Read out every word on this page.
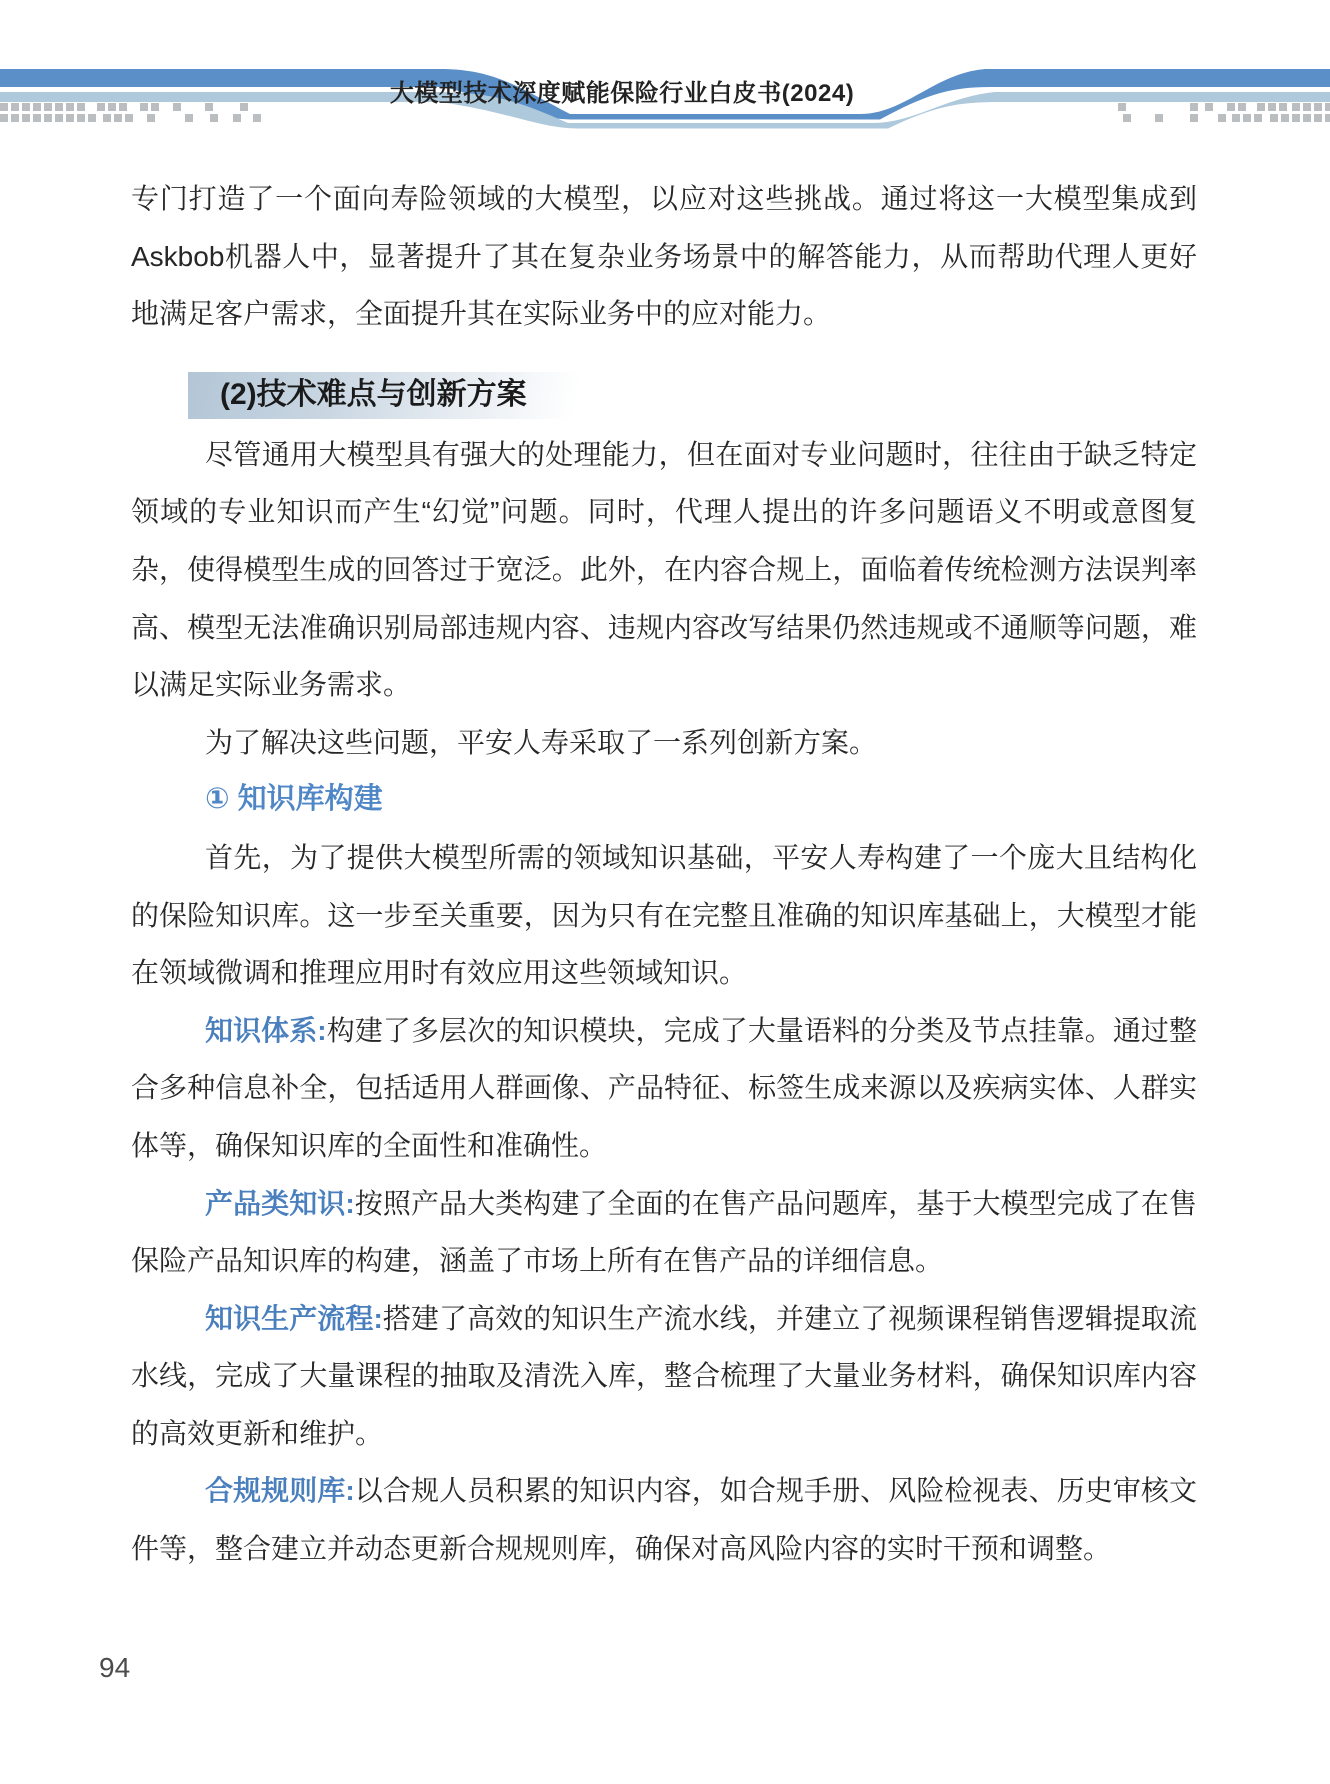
大模型技术深度赋能保险行业白皮书(2024)

专门打造了一个面向寿险领域的大模型，以应对这些挑战。通过将这一大模型集成到Askbob机器人中，显著提升了其在复杂业务场景中的解答能力，从而帮助代理人更好地满足客户需求，全面提升其在实际业务中的应对能力。

(2)技术难点与创新方案

尽管通用大模型具有强大的处理能力，但在面对专业问题时，往往由于缺乏特定领域的专业知识而产生“幻觉”问题。同时，代理人提出的许多问题语义不明或意图复杂，使得模型生成的回答过于宽泛。此外，在内容合规上，面临着传统检测方法误判率高、模型无法准确识别局部违规内容、违规内容改写结果仍然违规或不通顺等问题，难以满足实际业务需求。

为了解决这些问题，平安人寿采取了一系列创新方案。

① 知识库构建

首先，为了提供大模型所需的领域知识基础，平安人寿构建了一个庞大且结构化的保险知识库。这一步至关重要，因为只有在完整且准确的知识库基础上，大模型才能在领域微调和推理应用时有效应用这些领域知识。

知识体系:构建了多层次的知识模块，完成了大量语料的分类及节点挂靠。通过整合多种信息补全，包括适用人群画像、产品特征、标签生成来源以及疾病实体、人群实体等，确保知识库的全面性和准确性。

产品类知识:按照产品大类构建了全面的在售产品问题库，基于大模型完成了在售保险产品知识库的构建，涵盖了市场上所有在售产品的详细信息。

知识生产流程:搭建了高效的知识生产流水线，并建立了视频课程销售逻辑提取流水线，完成了大量课程的抽取及清洗入库，整合梳理了大量业务材料，确保知识库内容的高效更新和维护。

合规规则库:以合规人员积累的知识内容，如合规手册、风险检视表、历史审核文件等，整合建立并动态更新合规规则库，确保对高风险内容的实时干预和调整。

94
